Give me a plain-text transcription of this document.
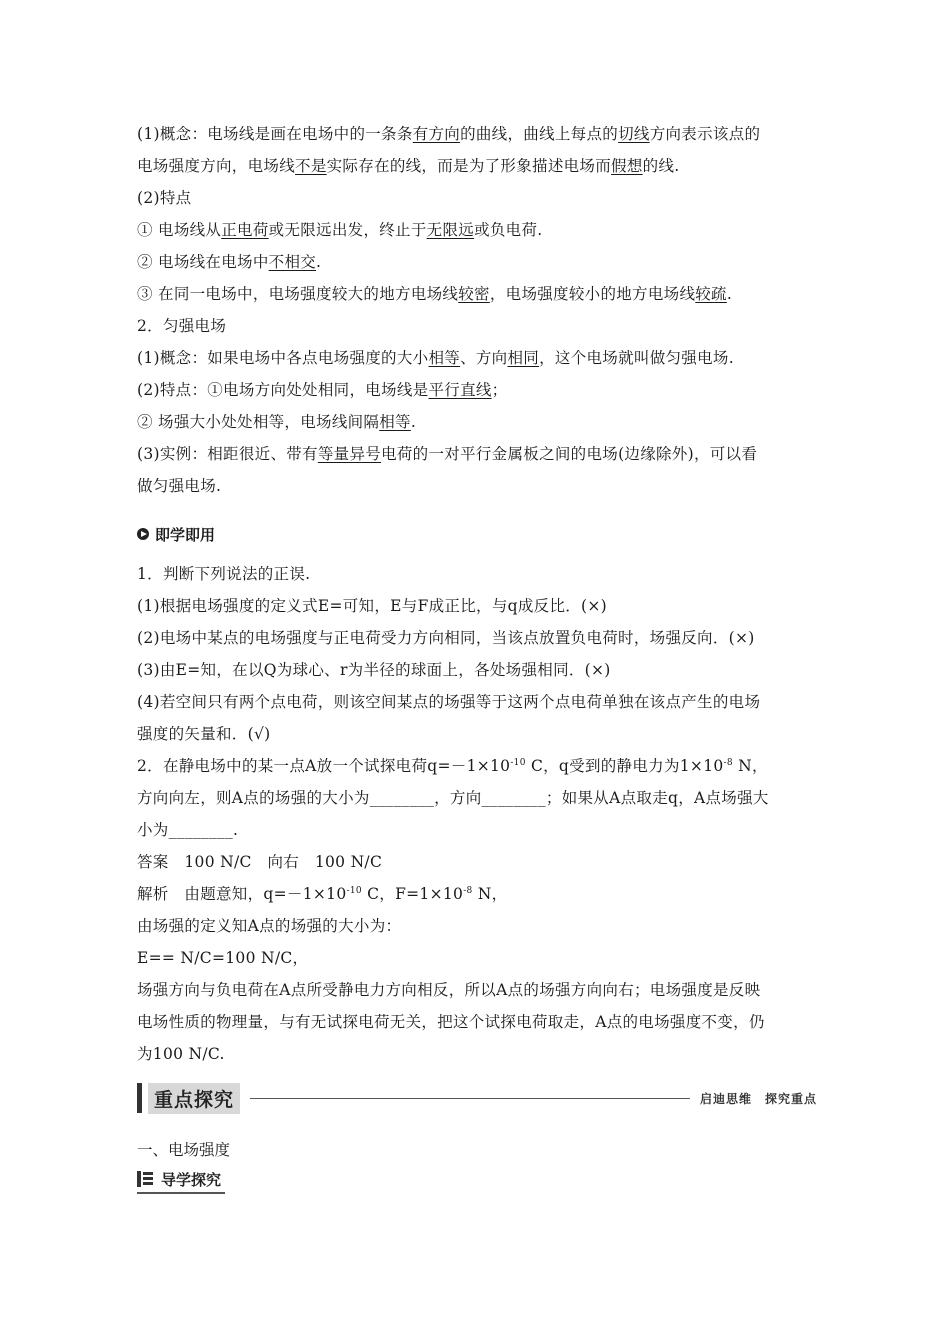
(1)概念：电场线是画在电场中的一条条有方向的曲线，曲线上每点的切线方向表示该点的
电场强度方向，电场线不是实际存在的线，而是为了形象描述电场而假想的线.
(2)特点
① 电场线从正电荷或无限远出发，终止于无限远或负电荷.
② 电场线在电场中不相交.
③ 在同一电场中，电场强度较大的地方电场线较密，电场强度较小的地方电场线较疏.
2．匀强电场
(1)概念：如果电场中各点电场强度的大小相等、方向相同，这个电场就叫做匀强电场.
(2)特点：①电场方向处处相同，电场线是平行直线；
② 场强大小处处相等，电场线间隔相等.
(3)实例：相距很近、带有等量异号电荷的一对平行金属板之间的电场(边缘除外)，可以看
做匀强电场.
即学即用
1．判断下列说法的正误.
(1)根据电场强度的定义式E=可知，E与F成正比，与q成反比．(×)
(2)电场中某点的电场强度与正电荷受力方向相同，当该点放置负电荷时，场强反向．(×)
(3)由E=知，在以Q为球心、r为半径的球面上，各处场强相同．(×)
(4)若空间只有两个点电荷，则该空间某点的场强等于这两个点电荷单独在该点产生的电场
强度的矢量和．(√)
2．在静电场中的某一点A放一个试探电荷$q=-1\times 10^{-10}$ C，q受到的静电力为$1\times 10^{-8}$ N，
方向向左，则A点的场强的大小为________，方向________；如果从A点取走q，A点场强大
小为________.
答案　100 N/C　向右　100 N/C
解析　由题意知，$q=-1\times 10^{-10}$ C，$F=1\times 10^{-8}$ N，
由场强的定义知A点的场强的大小为：
E== N/C=100 N/C，
场强方向与负电荷在A点所受静电力方向相反，所以A点的场强方向向右；电场强度是反映
电场性质的物理量，与有无试探电荷无关，把这个试探电荷取走，A点的电场强度不变，仍
为100 N/C.
重点探究	启迪思维　探究重点
一、电场强度
导学探究
